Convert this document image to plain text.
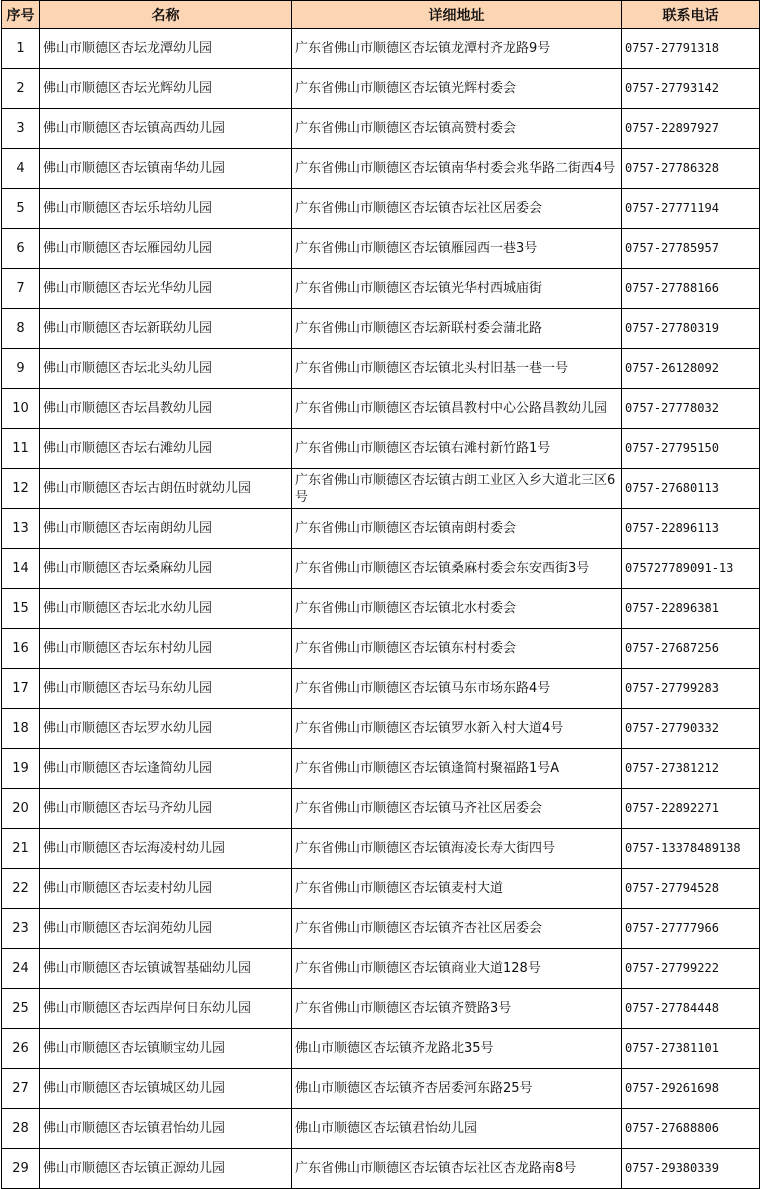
序号	名称	详细地址	联系电话
1	佛山市顺德区杏坛龙潭幼儿园	广东省佛山市顺德区杏坛镇龙潭村齐龙路9号	0757-27791318
2	佛山市顺德区杏坛光辉幼儿园	广东省佛山市顺德区杏坛镇光辉村委会	0757-27793142
3	佛山市顺德区杏坛镇高西幼儿园	广东省佛山市顺德区杏坛镇高赞村委会	0757-22897927
4	佛山市顺德区杏坛镇南华幼儿园	广东省佛山市顺德区杏坛镇南华村委会兆华路二街西4号	0757-27786328
5	佛山市顺德区杏坛乐培幼儿园	广东省佛山市顺德区杏坛镇杏坛社区居委会	0757-27771194
6	佛山市顺德区杏坛雁园幼儿园	广东省佛山市顺德区杏坛镇雁园西一巷3号	0757-27785957
7	佛山市顺德区杏坛光华幼儿园	广东省佛山市顺德区杏坛镇光华村西城庙街	0757-27788166
8	佛山市顺德区杏坛新联幼儿园	广东省佛山市顺德区杏坛新联村委会蒲北路	0757-27780319
9	佛山市顺德区杏坛北头幼儿园	广东省佛山市顺德区杏坛镇北头村旧基一巷一号	0757-26128092
10	佛山市顺德区杏坛昌教幼儿园	广东省佛山市顺德区杏坛镇昌教村中心公路昌教幼儿园	0757-27778032
11	佛山市顺德区杏坛右滩幼儿园	广东省佛山市顺德区杏坛镇右滩村新竹路1号	0757-27795150
12	佛山市顺德区杏坛古朗伍时就幼儿园	广东省佛山市顺德区杏坛镇古朗工业区入乡大道北三区6号	0757-27680113
13	佛山市顺德区杏坛南朗幼儿园	广东省佛山市顺德区杏坛镇南朗村委会	0757-22896113
14	佛山市顺德区杏坛桑麻幼儿园	广东省佛山市顺德区杏坛镇桑麻村委会东安西街3号	075727789091-13
15	佛山市顺德区杏坛北水幼儿园	广东省佛山市顺德区杏坛镇北水村委会	0757-22896381
16	佛山市顺德区杏坛东村幼儿园	广东省佛山市顺德区杏坛镇东村村委会	0757-27687256
17	佛山市顺德区杏坛马东幼儿园	广东省佛山市顺德区杏坛镇马东市场东路4号	0757-27799283
18	佛山市顺德区杏坛罗水幼儿园	广东省佛山市顺德区杏坛镇罗水新入村大道4号	0757-27790332
19	佛山市顺德区杏坛逢简幼儿园	广东省佛山市顺德区杏坛镇逢简村聚福路1号A	0757-27381212
20	佛山市顺德区杏坛马齐幼儿园	广东省佛山市顺德区杏坛镇马齐社区居委会	0757-22892271
21	佛山市顺德区杏坛海凌村幼儿园	广东省佛山市顺德区杏坛镇海凌长寿大街四号	0757-13378489138
22	佛山市顺德区杏坛麦村幼儿园	广东省佛山市顺德区杏坛镇麦村大道	0757-27794528
23	佛山市顺德区杏坛润苑幼儿园	广东省佛山市顺德区杏坛镇齐杏社区居委会	0757-27777966
24	佛山市顺德区杏坛镇诚智基础幼儿园	广东省佛山市顺德区杏坛镇商业大道128号	0757-27799222
25	佛山市顺德区杏坛西岸何日东幼儿园	广东省佛山市顺德区杏坛镇齐赞路3号	0757-27784448
26	佛山市顺德区杏坛镇顺宝幼儿园	佛山市顺德区杏坛镇齐龙路北35号	0757-27381101
27	佛山市顺德区杏坛镇城区幼儿园	佛山市顺德区杏坛镇齐杏居委河东路25号	0757-29261698
28	佛山市顺德区杏坛镇君怡幼儿园	佛山市顺德区杏坛镇君怡幼儿园	0757-27688806
29	佛山市顺德区杏坛镇正源幼儿园	广东省佛山市顺德区杏坛镇杏坛社区杏龙路南8号	0757-29380339
